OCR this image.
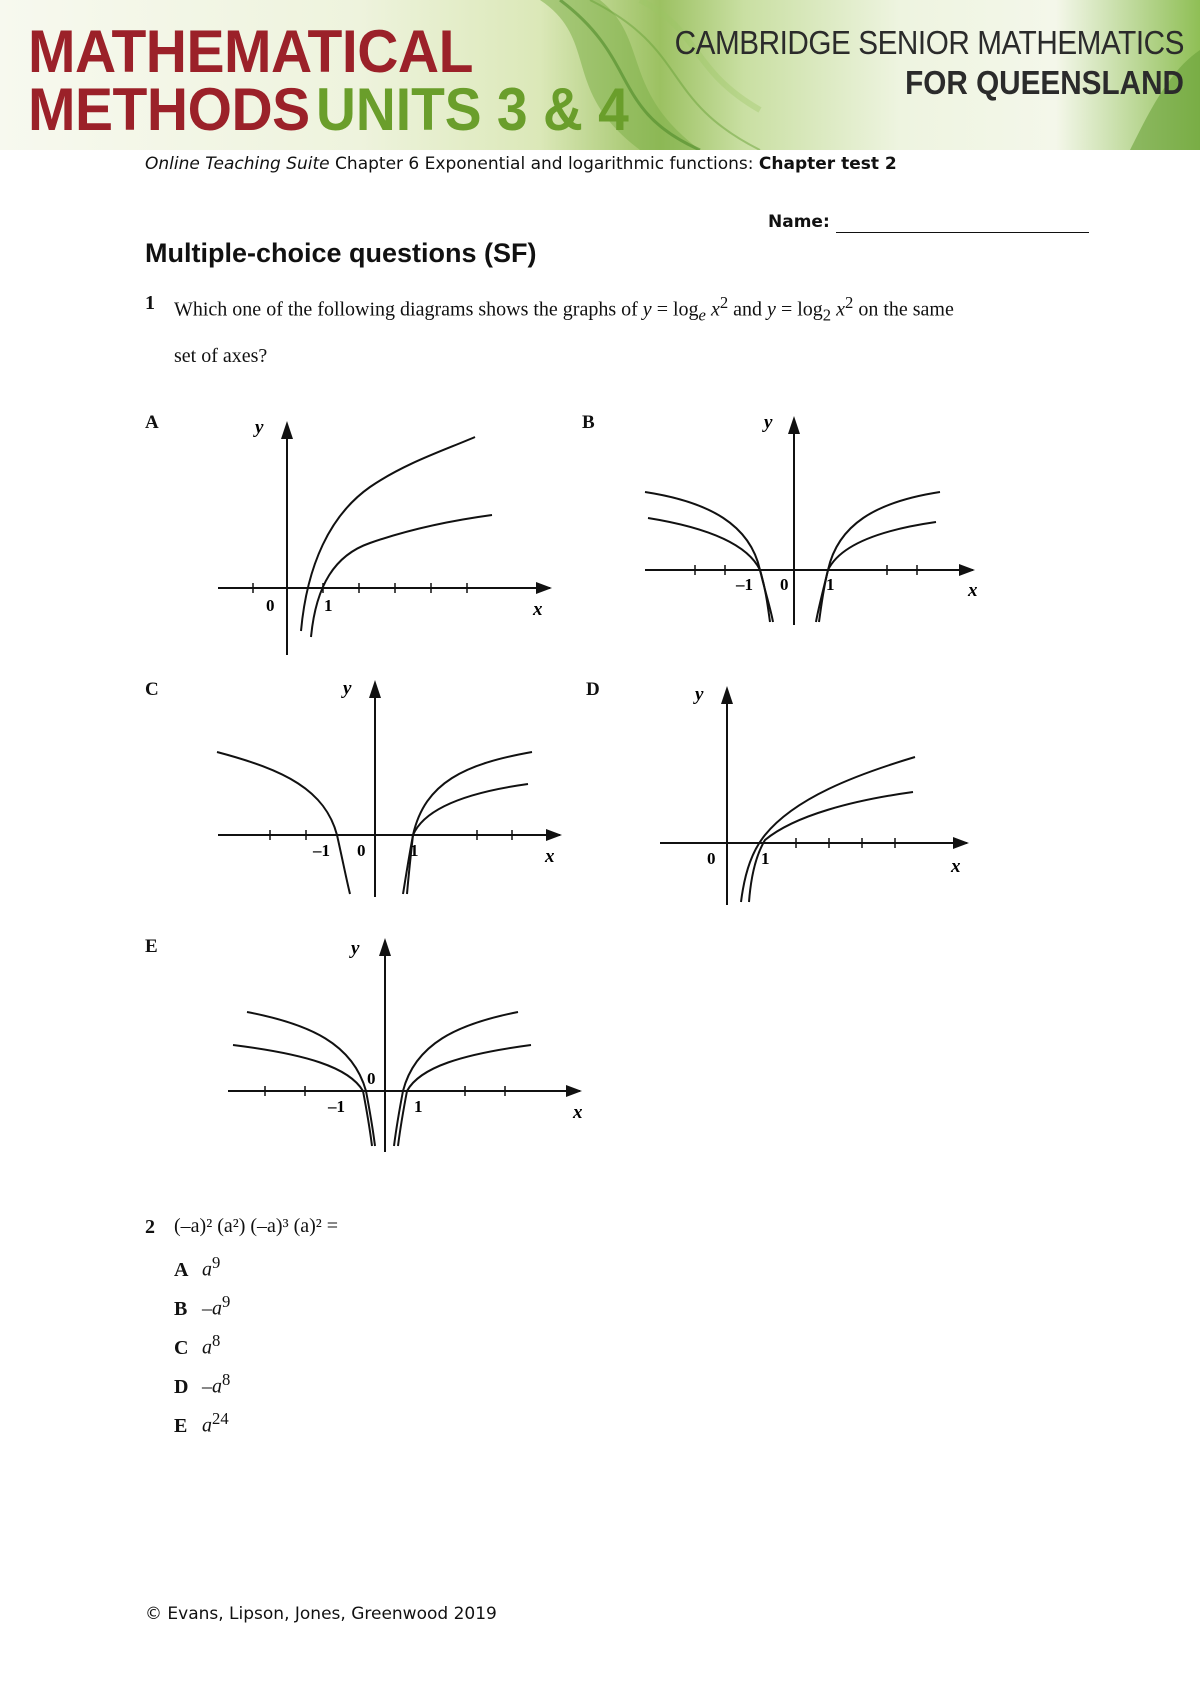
MATHEMATICAL
METHODS UNITS 3 & 4
CAMBRIDGE SENIOR MATHEMATICS
FOR QUEENSLAND
Online Teaching Suite Chapter 6 Exponential and logarithmic functions: Chapter test 2
Name:
Multiple-choice questions (SF)
1 Which one of the following diagrams shows the graphs of $y = \log_e x^2$ and $y = \log_2 x^2$ on the same
set of axes?
A	y
x
0	1
B	y
x
0
–1	1
C	y
x
0
–1	1
D	y
x
0	1
E	y
x
0
–1	1
2 (–a)² (a²) (–a)³ (a)² =
A $a^9$
B $-a^9$
C $a^8$
D $-a^8$
E $a^{24}$
© Evans, Lipson, Jones, Greenwood 2019
